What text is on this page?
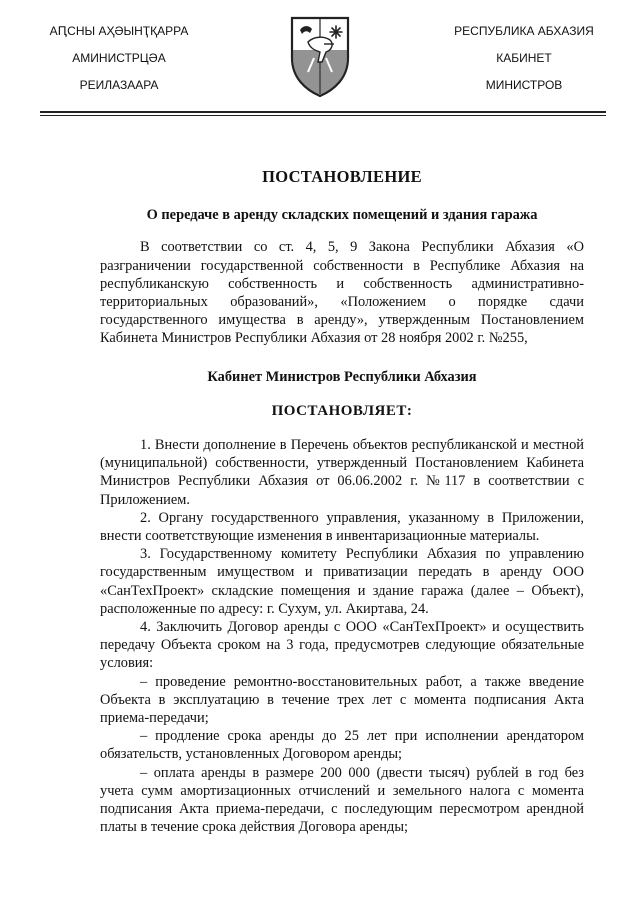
АԤСНЫ АҲӘЫНҬҚАРРА
АМИНИСТРЦӘА
РЕИЛАЗААРА
РЕСПУБЛИКА АБХАЗИЯ
КАБИНЕТ
МИНИСТРОВ

ПОСТАНОВЛЕНИЕ

О передаче в аренду складских помещений и здания гаража

В соответствии со ст. 4, 5, 9 Закона Республики Абхазия «О разграничении государственной собственности в Республике Абхазия на республиканскую собственность и собственность административно-территориальных образований», «Положением о порядке сдачи государственного имущества в аренду», утвержденным Постановлением Кабинета Министров Республики Абхазия от 28 ноября 2002 г. №255,

Кабинет Министров Республики Абхазия

ПОСТАНОВЛЯЕТ:

1. Внести дополнение в Перечень объектов республиканской и местной (муниципальной) собственности, утвержденный Постановлением Кабинета Министров Республики Абхазия от 06.06.2002 г. №117 в соответствии с Приложением.

2. Органу государственного управления, указанному в Приложении, внести соответствующие изменения в инвентаризационные материалы.

3. Государственному комитету Республики Абхазия по управлению государственным имуществом и приватизации передать в аренду ООО «СанТехПроект» складские помещения и здание гаража (далее – Объект), расположенные по адресу: г. Сухум, ул. Акиртава, 24.

4. Заключить Договор аренды с ООО «СанТехПроект» и осуществить передачу Объекта сроком на 3 года, предусмотрев следующие обязательные условия:

– проведение ремонтно-восстановительных работ, а также введение Объекта в эксплуатацию в течение трех лет с момента подписания Акта приема-передачи;

– продление срока аренды до 25 лет при исполнении арендатором обязательств, установленных Договором аренды;

– оплата аренды в размере 200 000 (двести тысяч) рублей в год без учета сумм амортизационных отчислений и земельного налога с момента подписания Акта приема-передачи, с последующим пересмотром арендной платы в течение срока действия Договора аренды;
